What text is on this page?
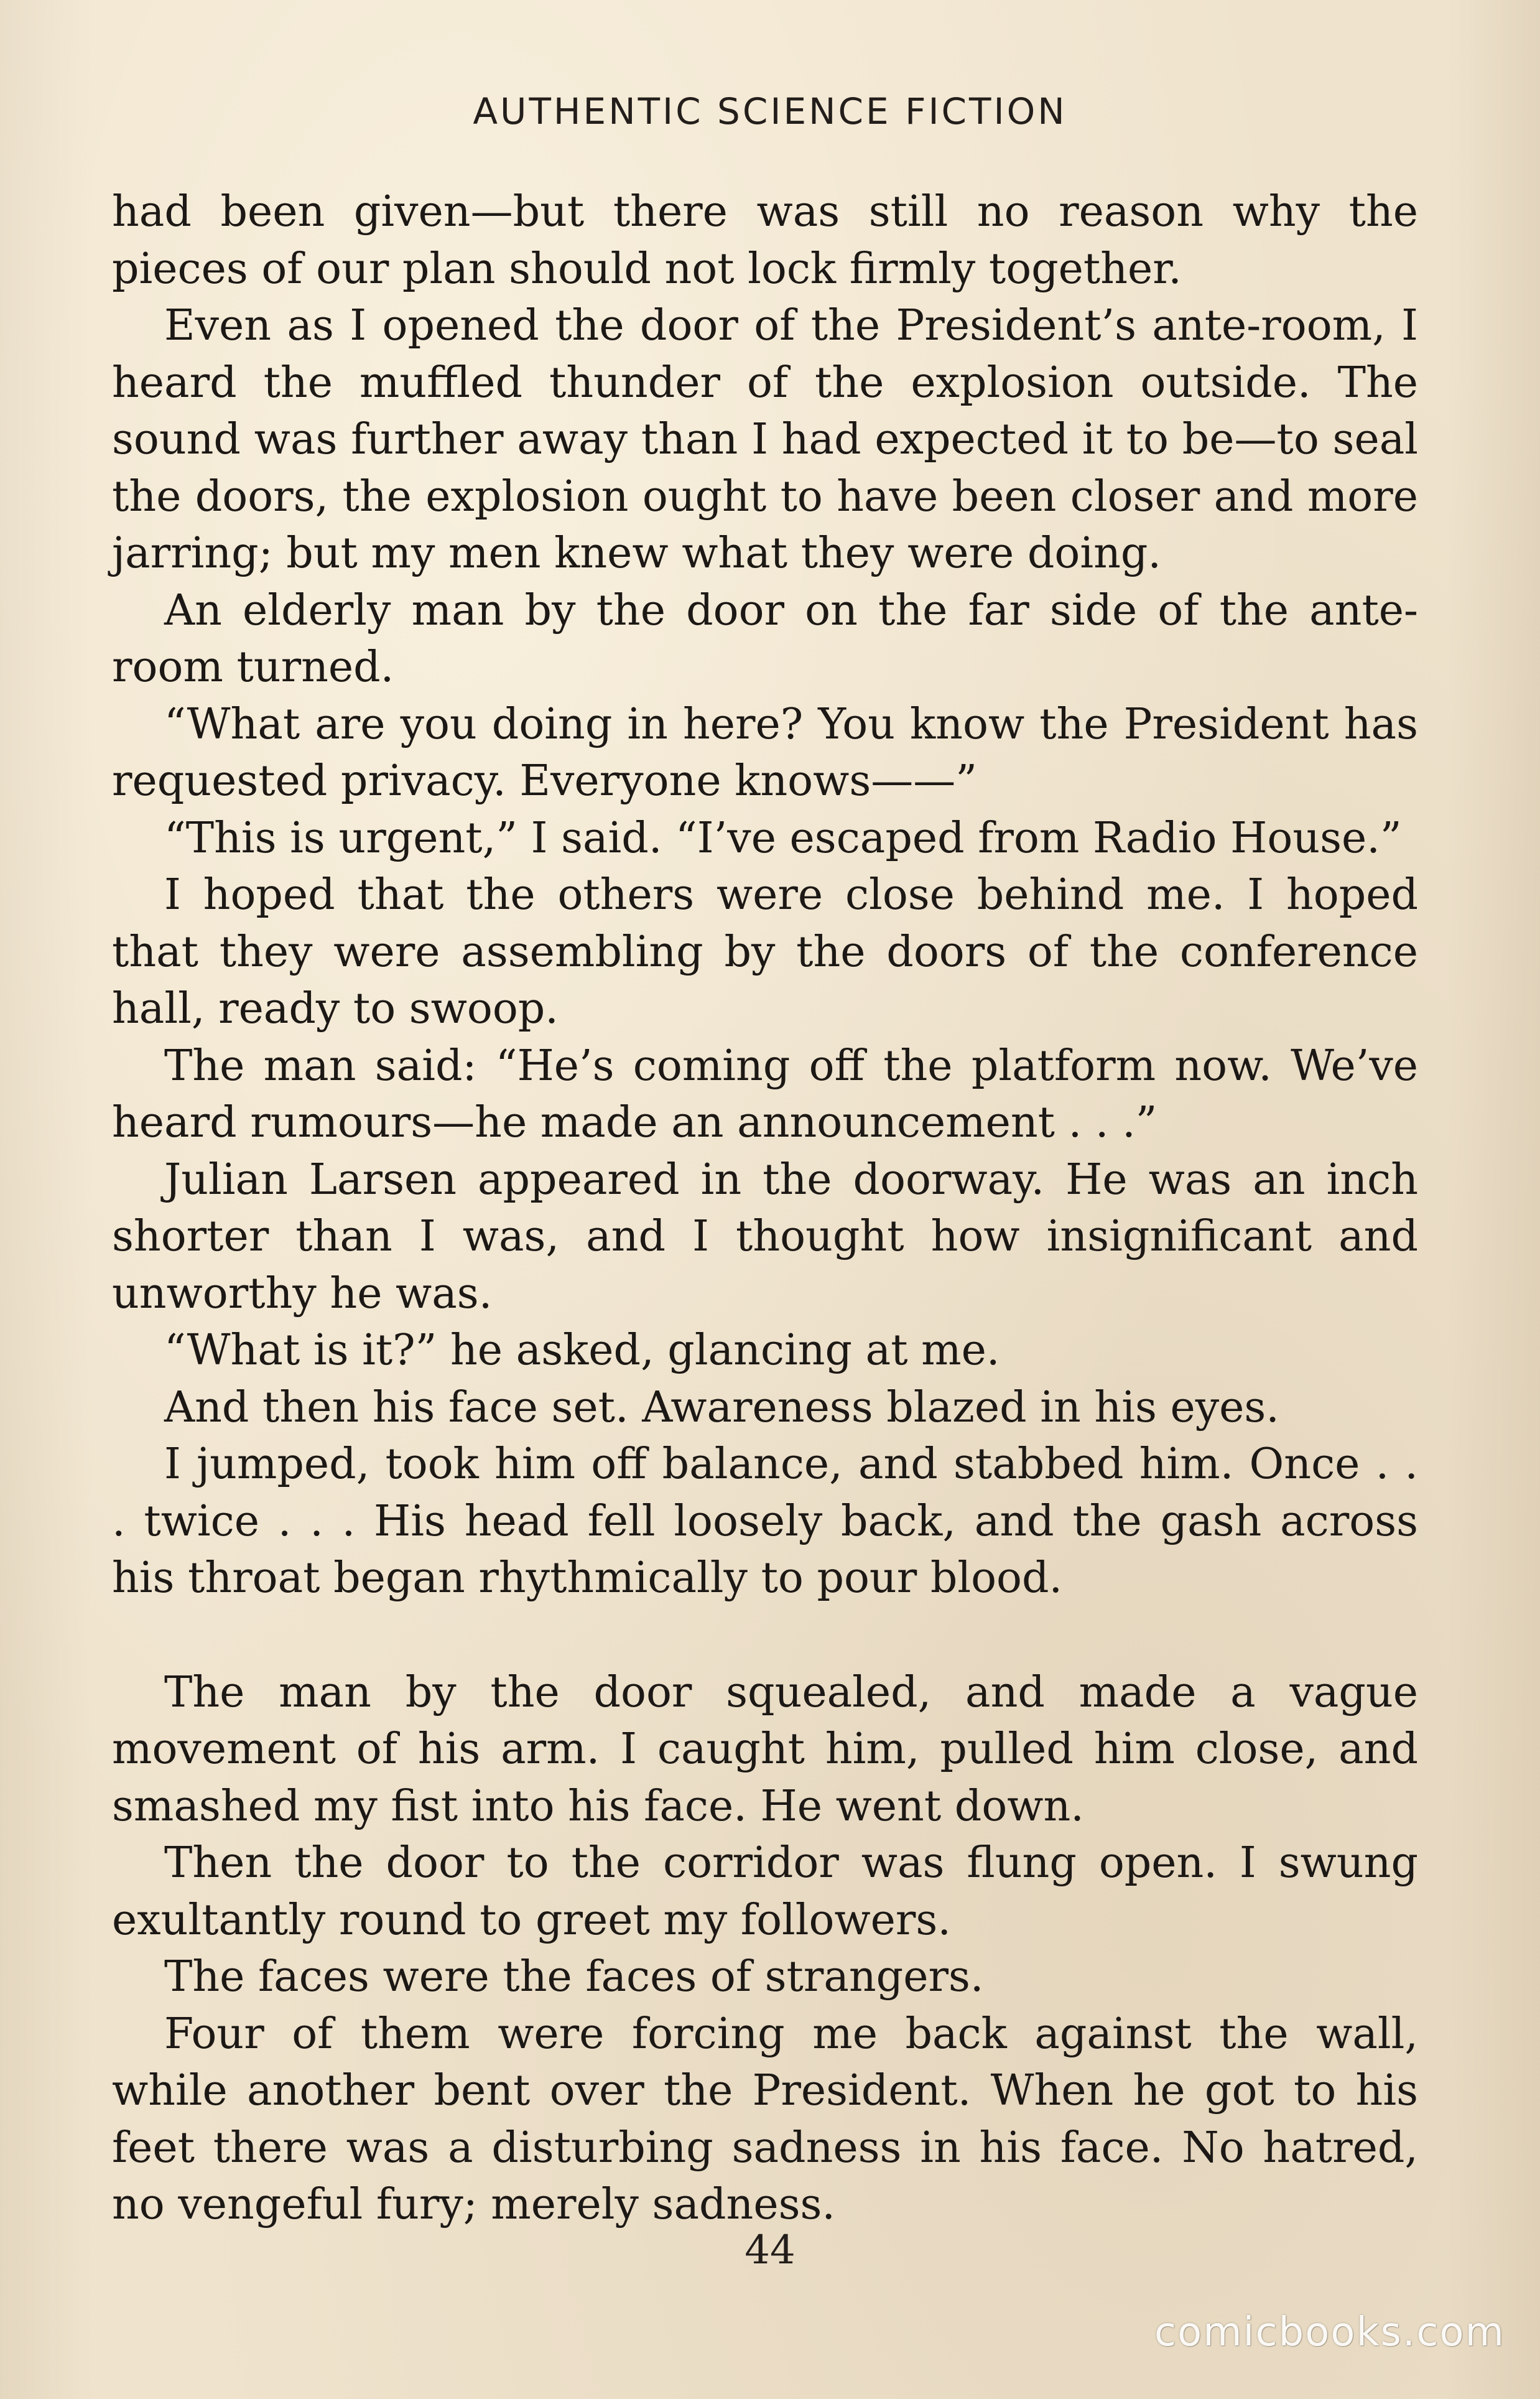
AUTHENTIC SCIENCE FICTION

had been given—but there was still no reason why the pieces of our plan should not lock firmly together.

Even as I opened the door of the President’s ante-room, I heard the muffled thunder of the explosion outside. The sound was further away than I had expected it to be—to seal the doors, the explosion ought to have been closer and more jarring; but my men knew what they were doing.

An elderly man by the door on the far side of the ante-room turned.

“What are you doing in here? You know the President has requested privacy. Everyone knows——”

“This is urgent,” I said. “I’ve escaped from Radio House.”

I hoped that the others were close behind me. I hoped that they were assembling by the doors of the conference hall, ready to swoop.

The man said: “He’s coming off the platform now. We’ve heard rumours—he made an announcement . . .”

Julian Larsen appeared in the doorway. He was an inch shorter than I was, and I thought how insignificant and unworthy he was.

“What is it?” he asked, glancing at me.

And then his face set. Awareness blazed in his eyes.

I jumped, took him off balance, and stabbed him. Once . . . twice . . . His head fell loosely back, and the gash across his throat began rhythmically to pour blood.

The man by the door squealed, and made a vague movement of his arm. I caught him, pulled him close, and smashed my fist into his face. He went down.

Then the door to the corridor was flung open. I swung exultantly round to greet my followers.

The faces were the faces of strangers.

Four of them were forcing me back against the wall, while another bent over the President. When he got to his feet there was a disturbing sadness in his face. No hatred, no vengeful fury; merely sadness.

44
comicbooks.com
